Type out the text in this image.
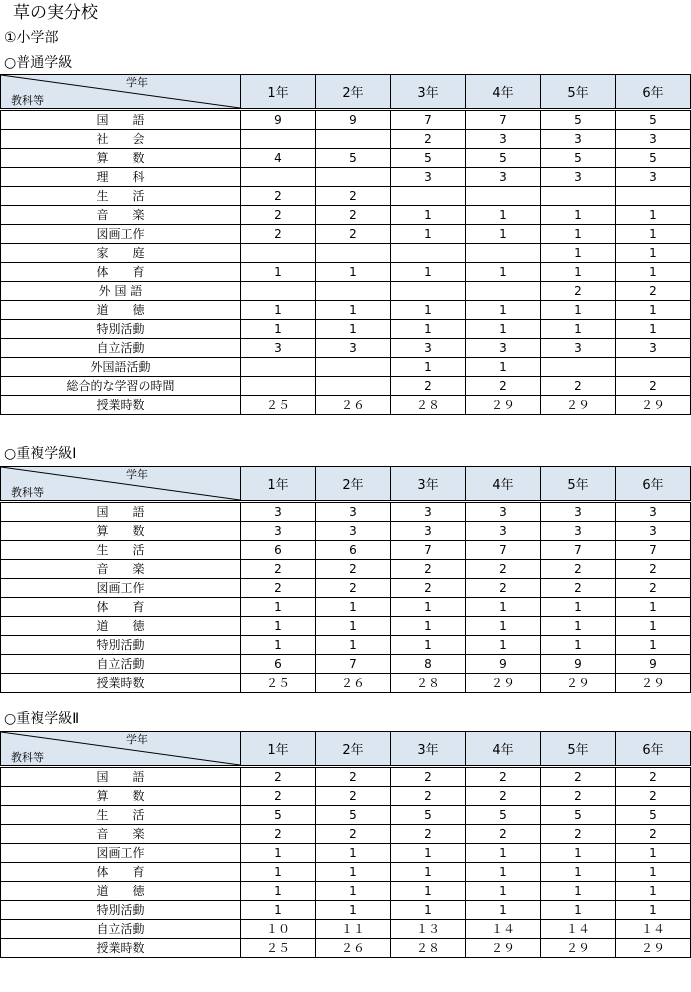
草の実分校
①小学部
○普通学級
学年
教科等	1年	2年	3年	4年	5年	6年
国　　語	9	9	7	7	5	5
社　　会			2	3	3	3
算　　数	4	5	5	5	5	5
理　　科			3	3	3	3
生　　活	2	2				
音　　楽	2	2	1	1	1	1
図画工作	2	2	1	1	1	1
家　　庭					1	1
体　　育	1	1	1	1	1	1
外 国 語					2	2
道　　徳	1	1	1	1	1	1
特別活動	1	1	1	1	1	1
自立活動	3	3	3	3	3	3
外国語活動			1	1		
総合的な学習の時間			2	2	2	2
授業時数	２５	２６	２８	２９	２９	２９
○重複学級Ⅰ
学年
教科等	1年	2年	3年	4年	5年	6年
国　　語	3	3	3	3	3	3
算　　数	3	3	3	3	3	3
生　　活	6	6	7	7	7	7
音　　楽	2	2	2	2	2	2
図画工作	2	2	2	2	2	2
体　　育	1	1	1	1	1	1
道　　徳	1	1	1	1	1	1
特別活動	1	1	1	1	1	1
自立活動	6	7	8	9	9	9
授業時数	２５	２６	２８	２９	２９	２９
○重複学級Ⅱ
学年
教科等	1年	2年	3年	4年	5年	6年
国　　語	2	2	2	2	2	2
算　　数	2	2	2	2	2	2
生　　活	5	5	5	5	5	5
音　　楽	2	2	2	2	2	2
図画工作	1	1	1	1	1	1
体　　育	1	1	1	1	1	1
道　　徳	1	1	1	1	1	1
特別活動	1	1	1	1	1	1
自立活動	１０	１１	１３	１４	１４	１４
授業時数	２５	２６	２８	２９	２９	２９
